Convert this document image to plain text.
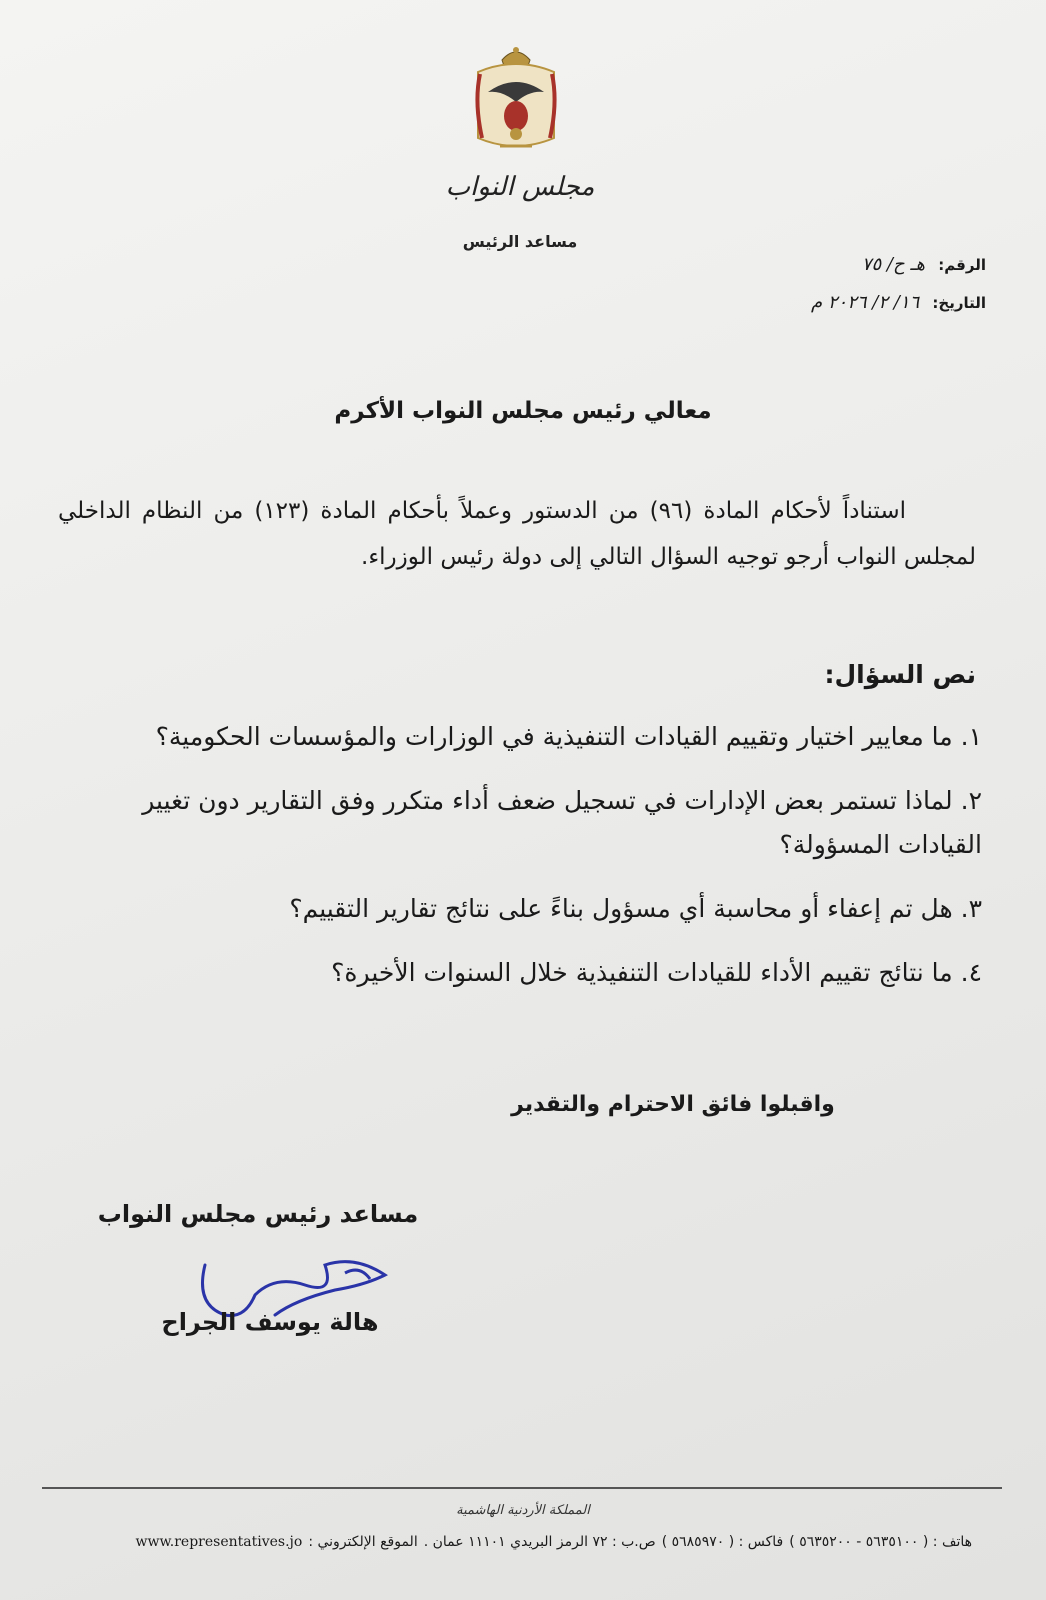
مجلس النواب
مساعد الرئيس
الرقم: هـ ح/ ٧٥
التاريخ: ١٦/ ٢/ ٢٠٢٦ م
معالي رئيس مجلس النواب الأكرم

استناداً لأحكام المادة (٩٦) من الدستور وعملاً بأحكام المادة (١٢٣) من النظام الداخلي لمجلس النواب أرجو توجيه السؤال التالي إلى دولة رئيس الوزراء.

نص السؤال:
١. ما معايير اختيار وتقييم القيادات التنفيذية في الوزارات والمؤسسات الحكومية؟
٢. لماذا تستمر بعض الإدارات في تسجيل ضعف أداء متكرر وفق التقارير دون تغيير القيادات المسؤولة؟
٣. هل تم إعفاء أو محاسبة أي مسؤول بناءً على نتائج تقارير التقييم؟
٤. ما نتائج تقييم الأداء للقيادات التنفيذية خلال السنوات الأخيرة؟
واقبلوا فائق الاحترام والتقدير
مساعد رئيس مجلس النواب
هالة يوسف الجراح
المملكة الأردنية الهاشمية
هاتف : ( ٥٦٣٥١٠٠ - ٥٦٣٥٢٠٠ )
فاكس : ( ٥٦٨٥٩٧٠ )
ص.ب : ٧٢ الرمز البريدي ١١١٠١ عمان .
الموقع الإلكتروني :
www.representatives.jo
